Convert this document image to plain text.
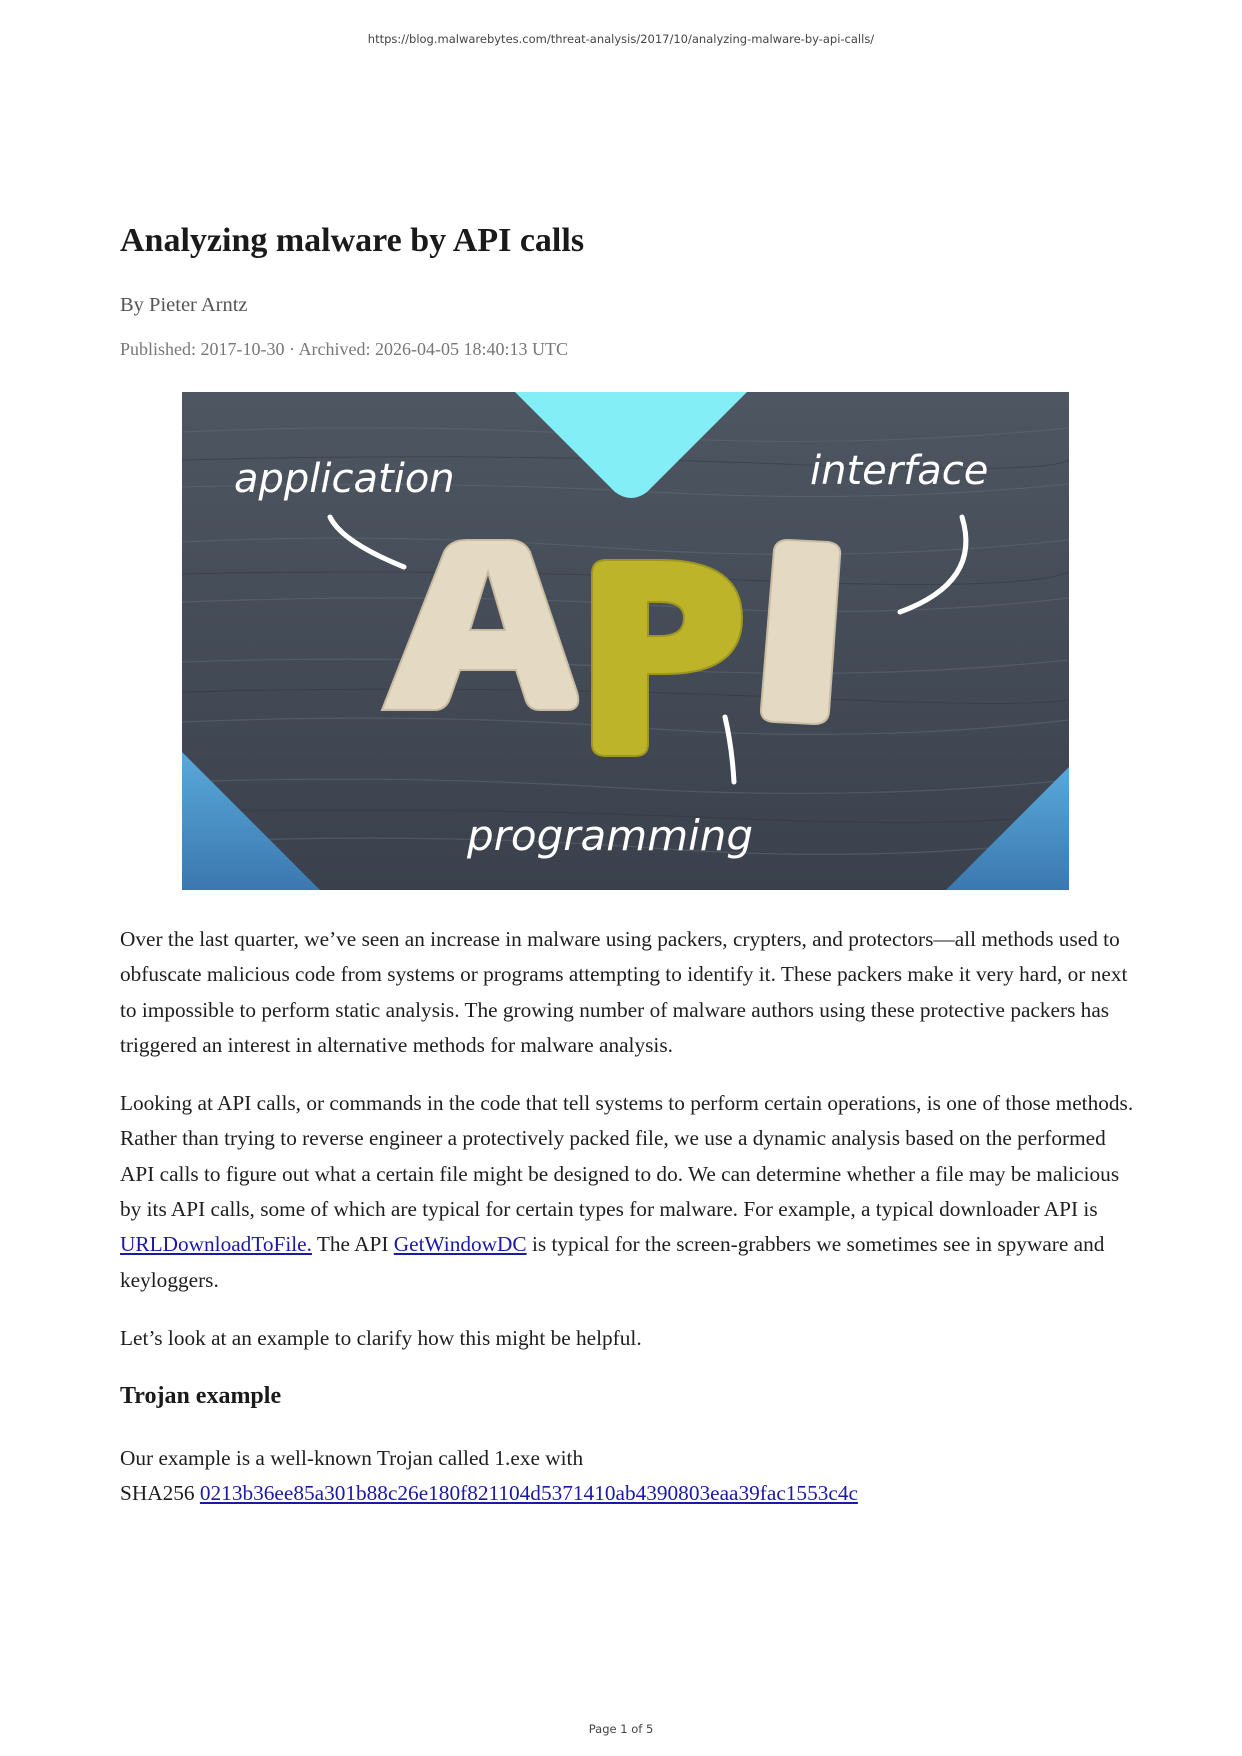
https://blog.malwarebytes.com/threat-analysis/2017/10/analyzing-malware-by-api-calls/
Analyzing malware by API calls
By Pieter Arntz
Published: 2017-10-30 · Archived: 2026-04-05 18:40:13 UTC
application	interface
programming

Over the last quarter, we’ve seen an increase in malware using packers, crypters, and protectors—all methods used to obfuscate malicious code from systems or programs attempting to identify it. These packers make it very hard, or next to impossible to perform static analysis. The growing number of malware authors using these protective packers has triggered an interest in alternative methods for malware analysis.

Looking at API calls, or commands in the code that tell systems to perform certain operations, is one of those methods. Rather than trying to reverse engineer a protectively packed file, we use a dynamic analysis based on the performed API calls to figure out what a certain file might be designed to do. We can determine whether a file may be malicious by its API calls, some of which are typical for certain types for malware. For example, a typical downloader API is URLDownloadToFile. The API GetWindowDC is typical for the screen-grabbers we sometimes see in spyware and keyloggers.

Let’s look at an example to clarify how this might be helpful.

Trojan example

Our example is a well-known Trojan called 1.exe with
SHA256 0213b36ee85a301b88c26e180f821104d5371410ab4390803eaa39fac1553c4c

Page 1 of 5
